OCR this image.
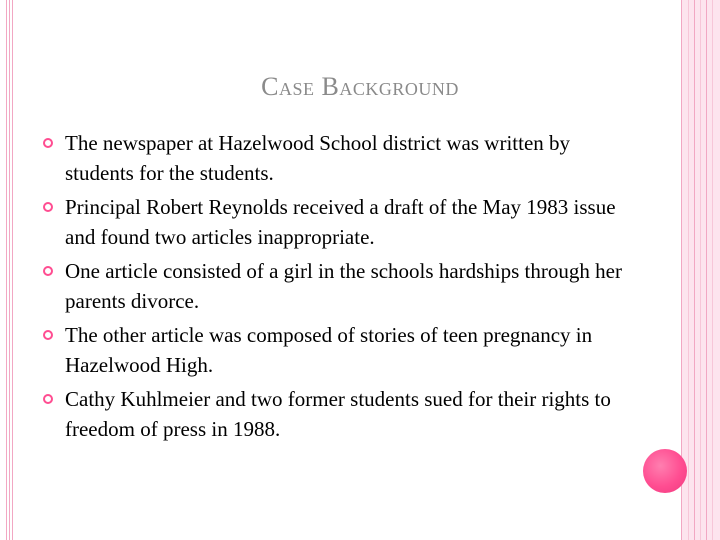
Case Background
The newspaper at Hazelwood School district was written by students for the students.
Principal Robert Reynolds received a draft of the May 1983 issue and found two articles inappropriate.
One article consisted of a girl in the schools hardships through her parents divorce.
The other article was composed of stories of teen pregnancy in Hazelwood High.
Cathy Kuhlmeier and two former students sued for their rights to freedom of press in 1988.
